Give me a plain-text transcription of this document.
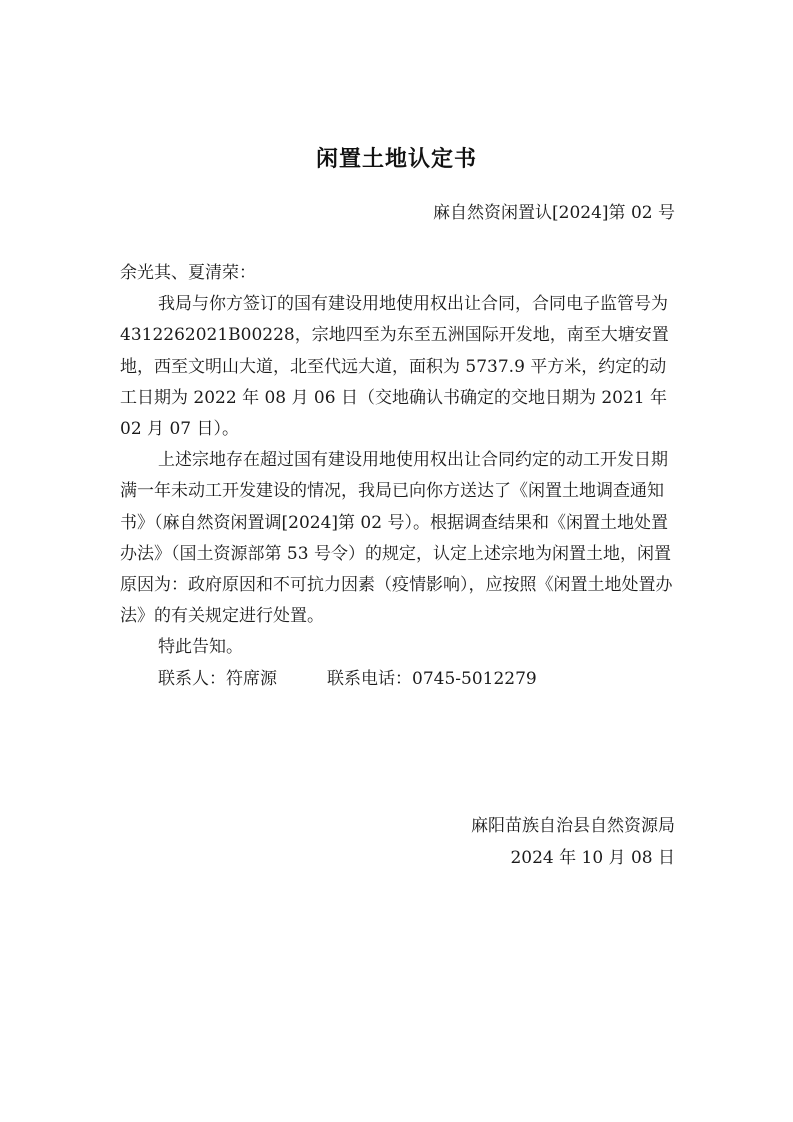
闲置土地认定书
麻自然资闲置认[2024]第 02 号

余光其、夏清荣：

我局与你方签订的国有建设用地使用权出让合同，合同电子监管号为 4312262021B00228，宗地四至为东至五洲国际开发地，南至大塘安置地，西至文明山大道，北至代远大道，面积为 5737.9 平方米，约定的动工日期为 2022 年 08 月 06 日（交地确认书确定的交地日期为 2021 年 02 月 07 日）。

上述宗地存在超过国有建设用地使用权出让合同约定的动工开发日期满一年未动工开发建设的情况，我局已向你方送达了《闲置土地调查通知书》（麻自然资闲置调[2024]第 02 号）。根据调查结果和《闲置土地处置办法》（国土资源部第 53 号令）的规定，认定上述宗地为闲置土地，闲置原因为：政府原因和不可抗力因素（疫情影响），应按照《闲置土地处置办法》的有关规定进行处置。

特此告知。

联系人：符席源	联系电话：0745-5012279

麻阳苗族自治县自然资源局
2024 年 10 月 08 日
